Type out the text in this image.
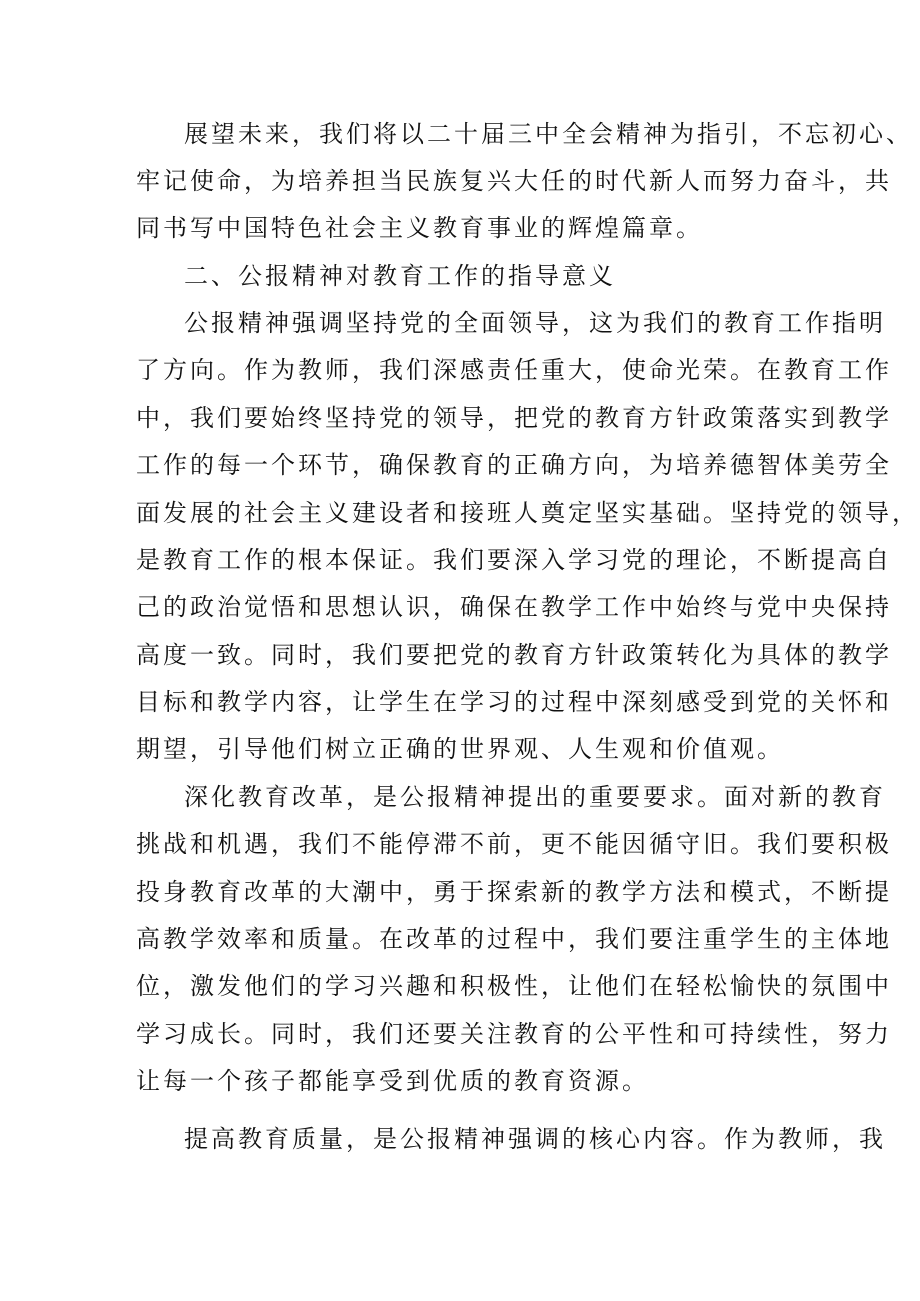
展望未来，我们将以二十届三中全会精神为指引，不忘初心、

牢记使命，为培养担当民族复兴大任的时代新人而努力奋斗，共

同书写中国特色社会主义教育事业的辉煌篇章。

二、公报精神对教育工作的指导意义

公报精神强调坚持党的全面领导，这为我们的教育工作指明

了方向。作为教师，我们深感责任重大，使命光荣。在教育工作

中，我们要始终坚持党的领导，把党的教育方针政策落实到教学

工作的每一个环节，确保教育的正确方向，为培养德智体美劳全

面发展的社会主义建设者和接班人奠定坚实基础。坚持党的领导，

是教育工作的根本保证。我们要深入学习党的理论，不断提高自

己的政治觉悟和思想认识，确保在教学工作中始终与党中央保持

高度一致。同时，我们要把党的教育方针政策转化为具体的教学

目标和教学内容，让学生在学习的过程中深刻感受到党的关怀和

期望，引导他们树立正确的世界观、人生观和价值观。

深化教育改革，是公报精神提出的重要要求。面对新的教育

挑战和机遇，我们不能停滞不前，更不能因循守旧。我们要积极

投身教育改革的大潮中，勇于探索新的教学方法和模式，不断提

高教学效率和质量。在改革的过程中，我们要注重学生的主体地

位，激发他们的学习兴趣和积极性，让他们在轻松愉快的氛围中

学习成长。同时，我们还要关注教育的公平性和可持续性，努力

让每一个孩子都能享受到优质的教育资源。

提高教育质量，是公报精神强调的核心内容。作为教师，我
